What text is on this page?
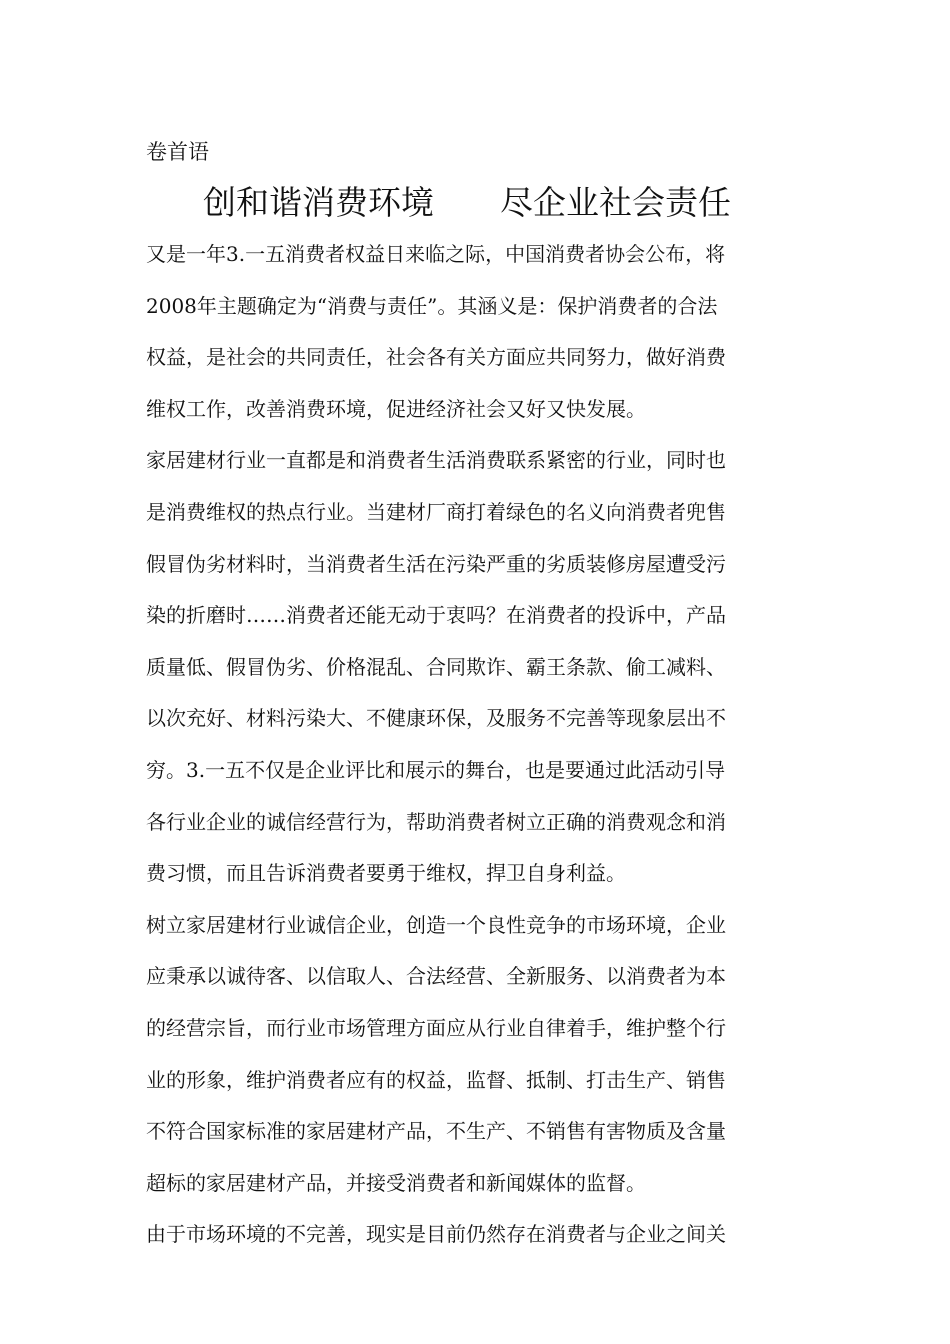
卷首语
创和谐消费环境　　尽企业社会责任
又是一年3.一五消费者权益日来临之际，中国消费者协会公布，将
2008年主题确定为“消费与责任”。其涵义是：保护消费者的合法
权益，是社会的共同责任，社会各有关方面应共同努力，做好消费
维权工作，改善消费环境，促进经济社会又好又快发展。
家居建材行业一直都是和消费者生活消费联系紧密的行业，同时也
是消费维权的热点行业。当建材厂商打着绿色的名义向消费者兜售
假冒伪劣材料时，当消费者生活在污染严重的劣质装修房屋遭受污
染的折磨时……消费者还能无动于衷吗？在消费者的投诉中，产品
质量低、假冒伪劣、价格混乱、合同欺诈、霸王条款、偷工减料、
以次充好、材料污染大、不健康环保，及服务不完善等现象层出不
穷。3.一五不仅是企业评比和展示的舞台，也是要通过此活动引导
各行业企业的诚信经营行为，帮助消费者树立正确的消费观念和消
费习惯，而且告诉消费者要勇于维权，捍卫自身利益。
树立家居建材行业诚信企业，创造一个良性竞争的市场环境，企业
应秉承以诚待客、以信取人、合法经营、全新服务、以消费者为本
的经营宗旨，而行业市场管理方面应从行业自律着手，维护整个行
业的形象，维护消费者应有的权益，监督、抵制、打击生产、销售
不符合国家标准的家居建材产品，不生产、不销售有害物质及含量
超标的家居建材产品，并接受消费者和新闻媒体的监督。
由于市场环境的不完善，现实是目前仍然存在消费者与企业之间关
